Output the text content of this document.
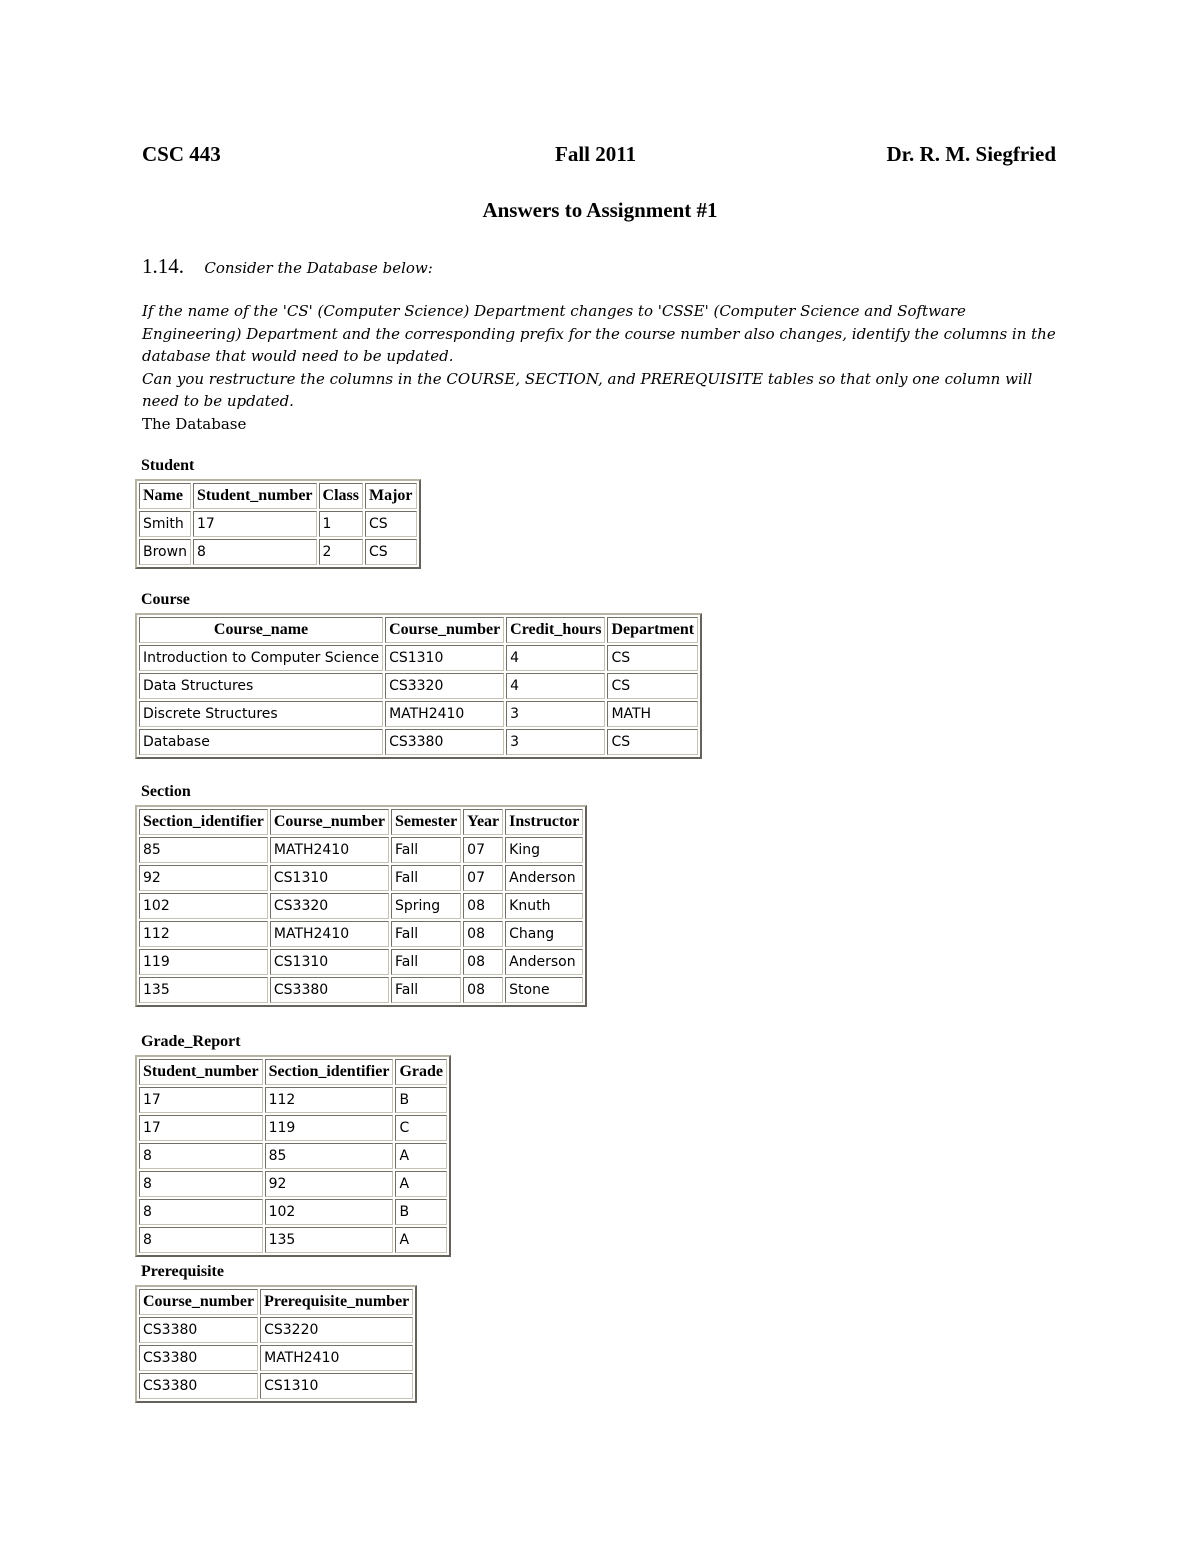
CSC 443	Fall 2011	Dr. R. M. Siegfried
Answers to Assignment #1
1.14. Consider the Database below:
If the name of the 'CS' (Computer Science) Department changes to 'CSSE' (Computer Science and Software Engineering) Department and the corresponding prefix for the course number also changes, identify the columns in the database that would need to be updated.
Can you restructure the columns in the COURSE, SECTION, and PREREQUISITE tables so that only one column will need to be updated.
The Database
Student
Name	Student_number	Class	Major
Smith	17	1	CS
Brown	8	2	CS
Course
Course_name	Course_number	Credit_hours	Department
Introduction to Computer Science	CS1310	4	CS
Data Structures	CS3320	4	CS
Discrete Structures	MATH2410	3	MATH
Database	CS3380	3	CS
Section
Section_identifier	Course_number	Semester	Year	Instructor
85	MATH2410	Fall	07	King
92	CS1310	Fall	07	Anderson
102	CS3320	Spring	08	Knuth
112	MATH2410	Fall	08	Chang
119	CS1310	Fall	08	Anderson
135	CS3380	Fall	08	Stone
Grade_Report
Student_number	Section_identifier	Grade
17	112	B
17	119	C
8	85	A
8	92	A
8	102	B
8	135	A
Prerequisite
Course_number	Prerequisite_number
CS3380	CS3220
CS3380	MATH2410
CS3380	CS1310
